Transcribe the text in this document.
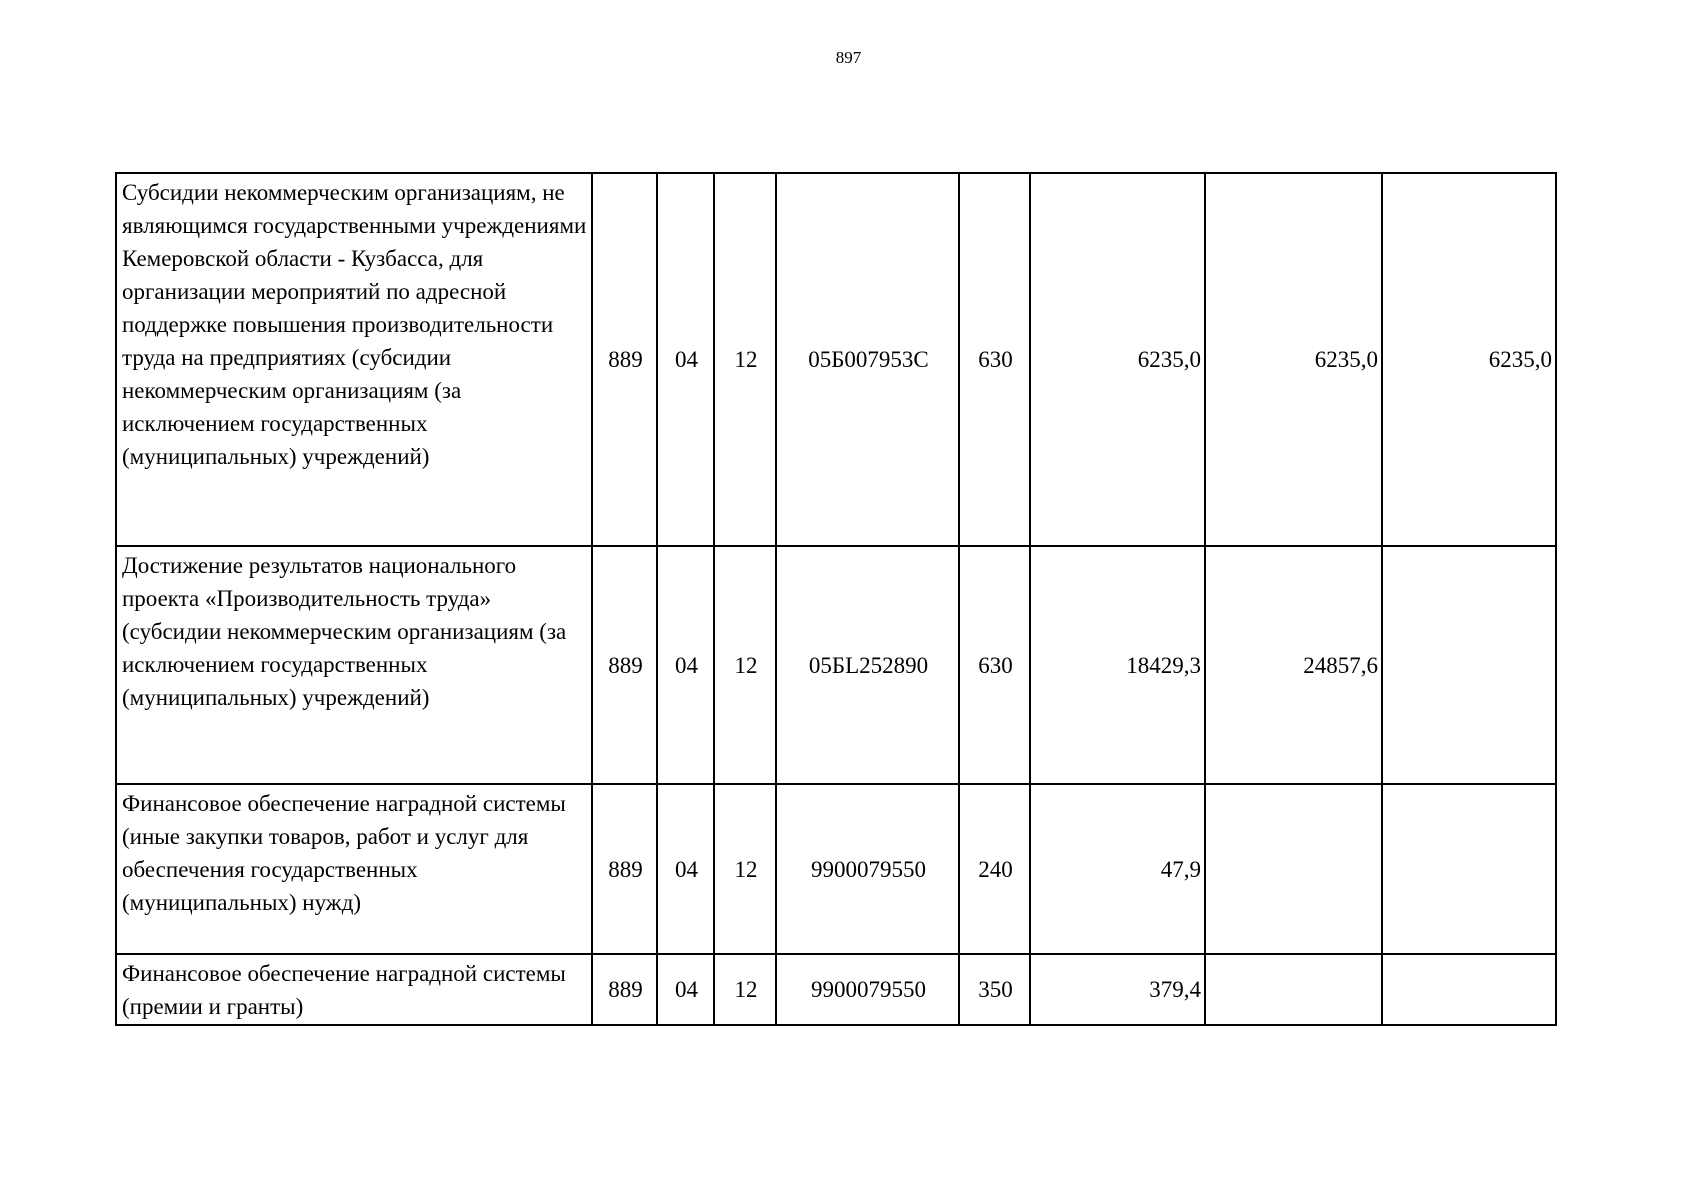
897
Субсидии некоммерческим организациям, не являющимся государственными учреждениями Кемеровской области - Кузбасса, для организации мероприятий по адресной поддержке повышения производительности труда на предприятиях (субсидии некоммерческим организациям (за исключением государственных (муниципальных) учреждений)	889	04	12	05Б007953С	630	6235,0	6235,0	6235,0
Достижение результатов национального проекта «Производительность труда» (субсидии некоммерческим организациям (за исключением государственных (муниципальных) учреждений)	889	04	12	05БL252890	630	18429,3	24857,6	
Финансовое обеспечение наградной системы (иные закупки товаров, работ и услуг для обеспечения государственных (муниципальных) нужд)	889	04	12	9900079550	240	47,9		
Финансовое обеспечение наградной системы (премии и гранты)	889	04	12	9900079550	350	379,4		
